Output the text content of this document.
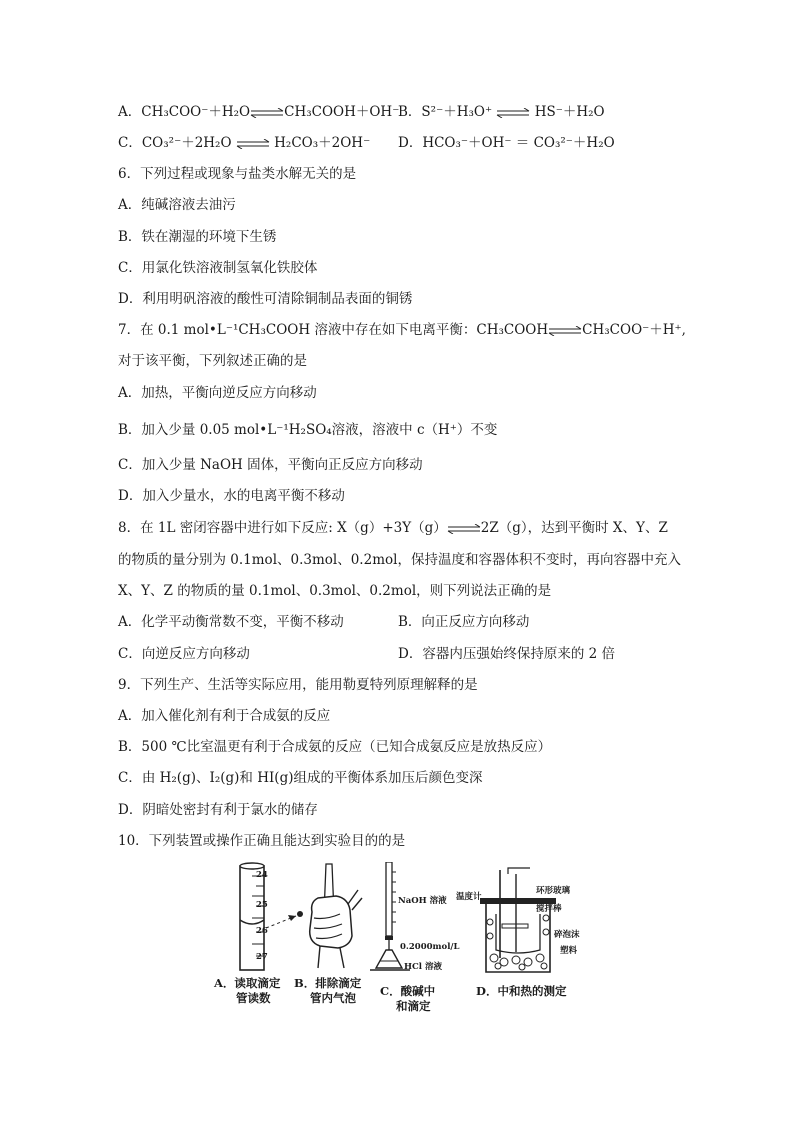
A．CH₃COO⁻＋H₂O⇌CH₃COOH＋OH⁻
B．S²⁻＋H₃O⁺ ⇌ HS⁻＋H₂O
C．CO₃²⁻＋2H₂O ⇌ H₂CO₃＋2OH⁻ D．HCO₃⁻＋OH⁻ ＝ CO₃²⁻＋H₂O
6．下列过程或现象与盐类水解无关的是
A．纯碱溶液去油污
B．铁在潮湿的环境下生锈
C．用氯化铁溶液制氢氧化铁胶体
D．利用明矾溶液的酸性可清除铜制品表面的铜锈
7．在 0.1 mol•L⁻¹CH₃COOH 溶液中存在如下电离平衡：CH₃COOH⇌CH₃COO⁻＋H⁺,
对于该平衡，下列叙述正确的是
A．加热，平衡向逆反应方向移动
B．加入少量 0.05 mol•L⁻¹H₂SO₄溶液，溶液中 c（H⁺）不变
C．加入少量 NaOH 固体，平衡向正反应方向移动
D．加入少量水，水的电离平衡不移动
8．在 1L 密闭容器中进行如下反应: X（g）+3Y（g）⇌2Z（g），达到平衡时 X、Y、Z
的物质的量分别为 0.1mol、0.3mol、0.2mol，保持温度和容器体积不变时，再向容器中充入
X、Y、Z 的物质的量 0.1mol、0.3mol、0.2mol，则下列说法正确的是
A．化学平动衡常数不变，平衡不移动	B．向正反应方向移动
C．向逆反应方向移动	D．容器内压强始终保持原来的 2 倍
9．下列生产、生活等实际应用，能用勒夏特列原理解释的是
A．加入催化剂有利于合成氨的反应
B．500 ℃比室温更有利于合成氨的反应（已知合成氨反应是放热反应）
C．由 H₂(g)、I₂(g)和 HI(g)组成的平衡体系加压后颜色变深
D．阴暗处密封有利于氯水的储存
10．下列装置或操作正确且能达到实验目的的是
24
25
26
27
NaOH 溶液
0.2000mol/L
HCl 溶液
温度计
环形玻璃
搅拌棒
碎泡沫
塑料
A．读取滴定
管读数
B．排除滴定
管内气泡	C．酸碱中
和滴定
D．中和热的测定
